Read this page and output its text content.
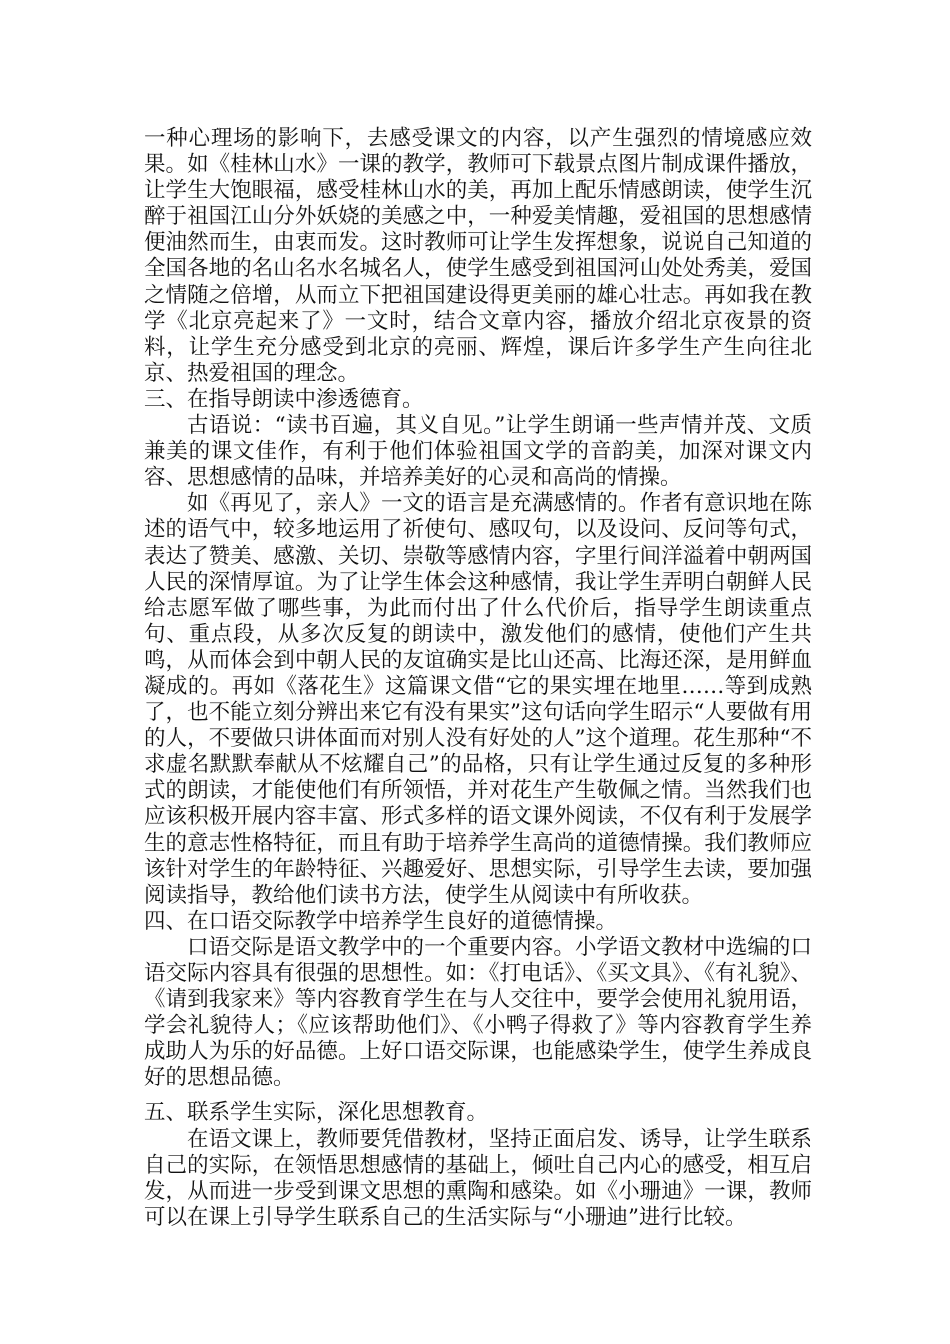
一种心理场的影响下，去感受课文的内容，以产生强烈的情境感应效果。如《桂林山水》一课的教学，教师可下载景点图片制成课件播放，让学生大饱眼福，感受桂林山水的美，再加上配乐情感朗读，使学生沉醉于祖国江山分外妖娆的美感之中，一种爱美情趣，爱祖国的思想感情便油然而生，由衷而发。这时教师可让学生发挥想象，说说自己知道的全国各地的名山名水名城名人，使学生感受到祖国河山处处秀美，爱国之情随之倍增，从而立下把祖国建设得更美丽的雄心壮志。再如我在教学《北京亮起来了》一文时，结合文章内容，播放介绍北京夜景的资料，让学生充分感受到北京的亮丽、辉煌，课后许多学生产生向往北京、热爱祖国的理念。

三、在指导朗读中渗透德育。

古语说：“读书百遍，其义自见。”让学生朗诵一些声情并茂、文质兼美的课文佳作，有利于他们体验祖国文学的音韵美，加深对课文内容、思想感情的品味，并培养美好的心灵和高尚的情操。

如《再见了，亲人》一文的语言是充满感情的。作者有意识地在陈述的语气中，较多地运用了祈使句、感叹句，以及设问、反问等句式，表达了赞美、感激、关切、崇敬等感情内容，字里行间洋溢着中朝两国人民的深情厚谊。为了让学生体会这种感情，我让学生弄明白朝鲜人民给志愿军做了哪些事，为此而付出了什么代价后，指导学生朗读重点句、重点段，从多次反复的朗读中，激发他们的感情，使他们产生共鸣，从而体会到中朝人民的友谊确实是比山还高、比海还深，是用鲜血凝成的。再如《落花生》这篇课文借“它的果实埋在地里……等到成熟了，也不能立刻分辨出来它有没有果实”这句话向学生昭示“人要做有用的人，不要做只讲体面而对别人没有好处的人”这个道理。花生那种“不求虚名默默奉献从不炫耀自己”的品格，只有让学生通过反复的多种形式的朗读，才能使他们有所领悟，并对花生产生敬佩之情。当然我们也应该积极开展内容丰富、形式多样的语文课外阅读，不仅有利于发展学生的意志性格特征，而且有助于培养学生高尚的道德情操。我们教师应该针对学生的年龄特征、兴趣爱好、思想实际，引导学生去读，要加强阅读指导，教给他们读书方法，使学生从阅读中有所收获。

四、在口语交际教学中培养学生良好的道德情操。

口语交际是语文教学中的一个重要内容。小学语文教材中选编的口语交际内容具有很强的思想性。如：《打电话》、《买文具》、《有礼貌》、《请到我家来》等内容教育学生在与人交往中，要学会使用礼貌用语，学会礼貌待人；《应该帮助他们》、《小鸭子得救了》等内容教育学生养成助人为乐的好品德。上好口语交际课，也能感染学生，使学生养成良好的思想品德。

五、联系学生实际，深化思想教育。

在语文课上，教师要凭借教材，坚持正面启发、诱导，让学生联系自己的实际，在领悟思想感情的基础上，倾吐自己内心的感受，相互启发，从而进一步受到课文思想的熏陶和感染。如《小珊迪》一课，教师可以在课上引导学生联系自己的生活实际与“小珊迪”进行比较。
